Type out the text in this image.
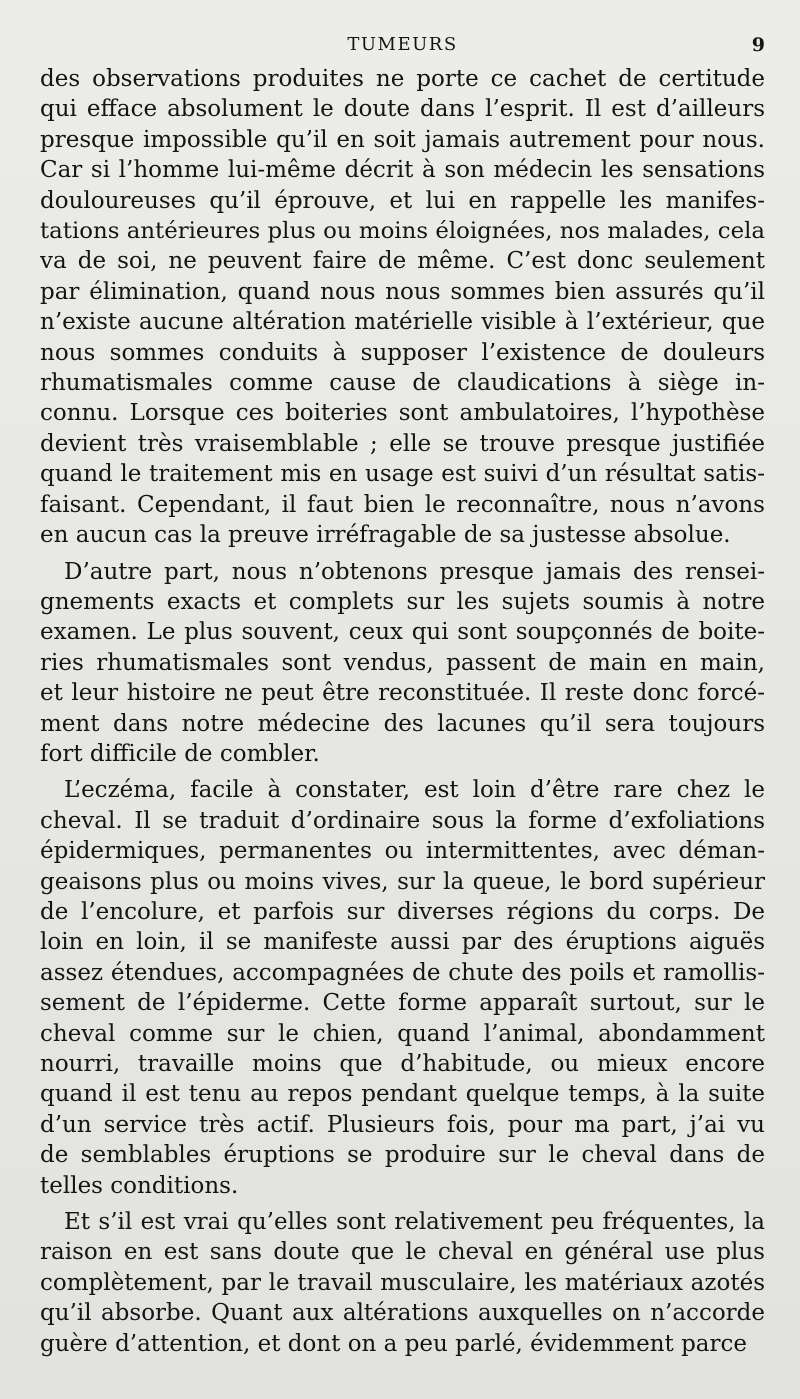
TUMEURS	9
des observations produites ne porte ce cachet de certitude
qui efface absolument le doute dans l’esprit. Il est d’ailleurs
presque impossible qu’il en soit jamais autrement pour nous.
Car si l’homme lui-même décrit à son médecin les sensations
douloureuses qu’il éprouve, et lui en rappelle les manifes-
tations antérieures plus ou moins éloignées, nos malades, cela
va de soi, ne peuvent faire de même. C’est donc seulement
par élimination, quand nous nous sommes bien assurés qu’il
n’existe aucune altération matérielle visible à l’extérieur, que
nous sommes conduits à supposer l’existence de douleurs
rhumatismales comme cause de claudications à siège in-
connu. Lorsque ces boiteries sont ambulatoires, l’hypothèse
devient très vraisemblable ; elle se trouve presque justifiée
quand le traitement mis en usage est suivi d’un résultat satis-
faisant. Cependant, il faut bien le reconnaître, nous n’avons
en aucun cas la preuve irréfragable de sa justesse absolue.
D’autre part, nous n’obtenons presque jamais des rensei-
gnements exacts et complets sur les sujets soumis à notre
examen. Le plus souvent, ceux qui sont soupçonnés de boite-
ries rhumatismales sont vendus, passent de main en main,
et leur histoire ne peut être reconstituée. Il reste donc forcé-
ment dans notre médecine des lacunes qu’il sera toujours
fort difficile de combler.
L’eczéma, facile à constater, est loin d’être rare chez le
cheval. Il se traduit d’ordinaire sous la forme d’exfoliations
épidermiques, permanentes ou intermittentes, avec déman-
geaisons plus ou moins vives, sur la queue, le bord supérieur
de l’encolure, et parfois sur diverses régions du corps. De
loin en loin, il se manifeste aussi par des éruptions aiguës
assez étendues, accompagnées de chute des poils et ramollis-
sement de l’épiderme. Cette forme apparaît surtout, sur le
cheval comme sur le chien, quand l’animal, abondamment
nourri, travaille moins que d’habitude, ou mieux encore
quand il est tenu au repos pendant quelque temps, à la suite
d’un service très actif. Plusieurs fois, pour ma part, j’ai vu
de semblables éruptions se produire sur le cheval dans de
telles conditions.
Et s’il est vrai qu’elles sont relativement peu fréquentes, la
raison en est sans doute que le cheval en général use plus
complètement, par le travail musculaire, les matériaux azotés
qu’il absorbe. Quant aux altérations auxquelles on n’accorde
guère d’attention, et dont on a peu parlé, évidemment parce
